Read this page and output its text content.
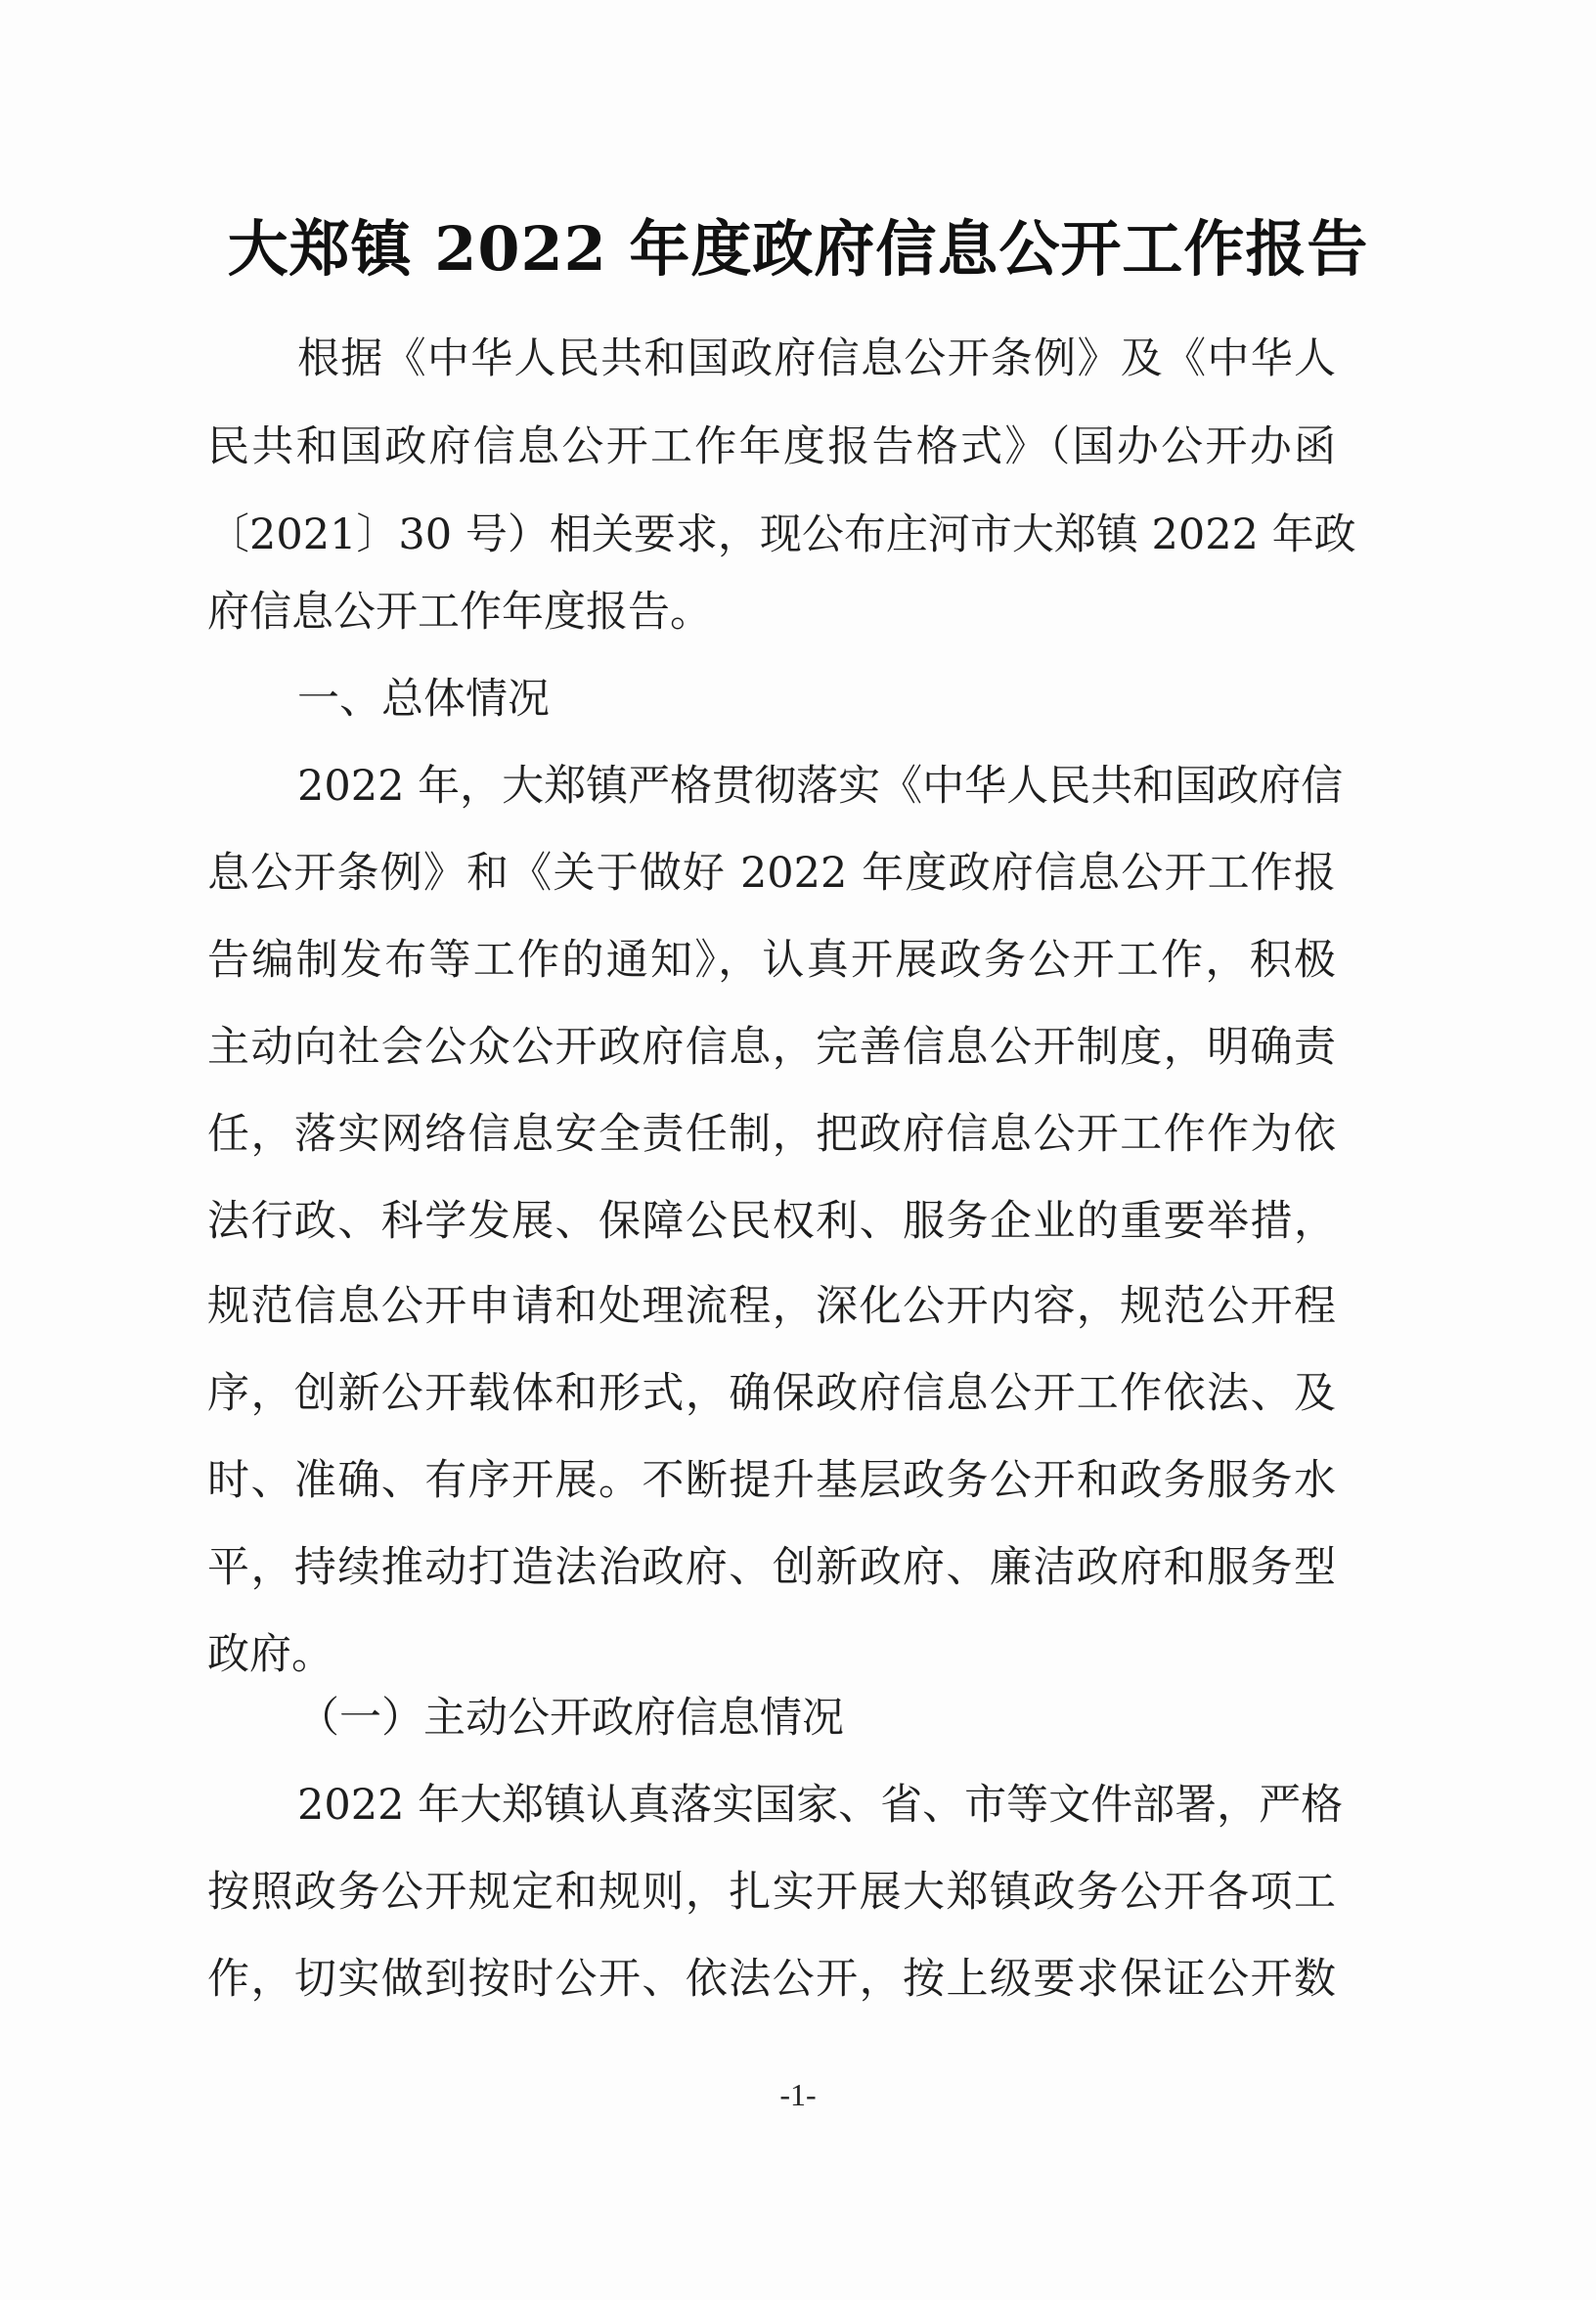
大郑镇 2022 年度政府信息公开工作报告
根据《中华人民共和国政府信息公开条例》及《中华人
民共和国政府信息公开工作年度报告格式》（国办公开办函
〔2021〕30 号）相关要求，现公布庄河市大郑镇 2022 年政
府信息公开工作年度报告。
一、总体情况
2022 年，大郑镇严格贯彻落实《中华人民共和国政府信
息公开条例》和《关于做好 2022 年度政府信息公开工作报
告编制发布等工作的通知》，认真开展政务公开工作，积极
主动向社会公众公开政府信息，完善信息公开制度，明确责
任，落实网络信息安全责任制，把政府信息公开工作作为依
法行政、科学发展、保障公民权利、服务企业的重要举措，
规范信息公开申请和处理流程，深化公开内容，规范公开程
序，创新公开载体和形式，确保政府信息公开工作依法、及
时、准确、有序开展。不断提升基层政务公开和政务服务水
平，持续推动打造法治政府、创新政府、廉洁政府和服务型
政府。
（一）主动公开政府信息情况
2022 年大郑镇认真落实国家、省、市等文件部署，严格
按照政务公开规定和规则，扎实开展大郑镇政务公开各项工
作，切实做到按时公开、依法公开，按上级要求保证公开数
-1-
